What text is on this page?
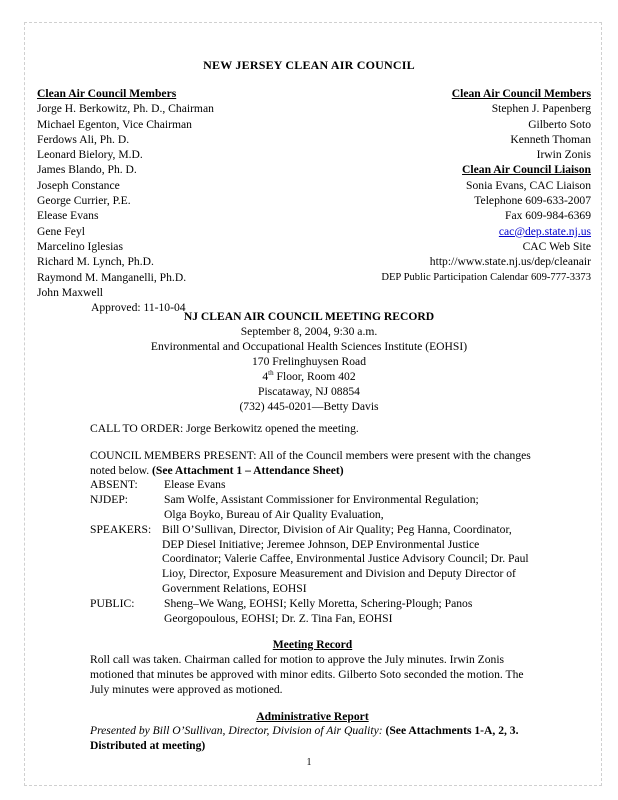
NEW JERSEY CLEAN AIR COUNCIL
Clean Air Council Members
Jorge H. Berkowitz, Ph. D., Chairman
Michael Egenton, Vice Chairman
Ferdows Ali, Ph. D.
Leonard Bielory, M.D.
James Blando, Ph. D.
Joseph Constance
George Currier, P.E.
Elease Evans
Gene Feyl
Marcelino Iglesias
Richard M. Lynch, Ph.D.
Raymond M. Manganelli, Ph.D.
John Maxwell
Approved: 11-10-04
Clean Air Council Members
Stephen J. Papenberg
Gilberto Soto
Kenneth Thoman
Irwin Zonis
Clean Air Council Liaison
Sonia Evans, CAC Liaison
Telephone 609-633-2007
Fax 609-984-6369
cac@dep.state.nj.us
CAC Web Site
http://www.state.nj.us/dep/cleanair
DEP Public Participation Calendar 609-777-3373
NJ CLEAN AIR COUNCIL MEETING RECORD
September 8, 2004, 9:30 a.m.
Environmental and Occupational Health Sciences Institute (EOHSI)
170 Frelinghuysen Road
4th Floor, Room 402
Piscataway, NJ 08854
(732) 445-0201—Betty Davis

CALL TO ORDER: Jorge Berkowitz opened the meeting.

COUNCIL MEMBERS PRESENT: All of the Council members were present with the changes noted below. (See Attachment 1 – Attendance Sheet)

ABSENT:	Elease Evans
NJDEP:	Sam Wolfe, Assistant Commissioner for Environmental Regulation;
Olga Boyko, Bureau of Air Quality Evaluation,
SPEAKERS: Bill O’Sullivan, Director, Division of Air Quality; Peg Hanna, Coordinator, DEP Diesel Initiative; Jeremee Johnson, DEP Environmental Justice Coordinator; Valerie Caffee, Environmental Justice Advisory Council; Dr. Paul Lioy, Director, Exposure Measurement and Division and Deputy Director of Government Relations, EOHSI
PUBLIC:	Sheng–We Wang, EOHSI; Kelly Moretta, Schering-Plough; Panos Georgopoulous, EOHSI; Dr. Z. Tina Fan, EOHSI
Meeting Record

Roll call was taken. Chairman called for motion to approve the July minutes. Irwin Zonis motioned that minutes be approved with minor edits. Gilberto Soto seconded the motion. The July minutes were approved as motioned.

Administrative Report

Presented by Bill O’Sullivan, Director, Division of Air Quality: (See Attachments 1-A, 2, 3. Distributed at meeting)

1
